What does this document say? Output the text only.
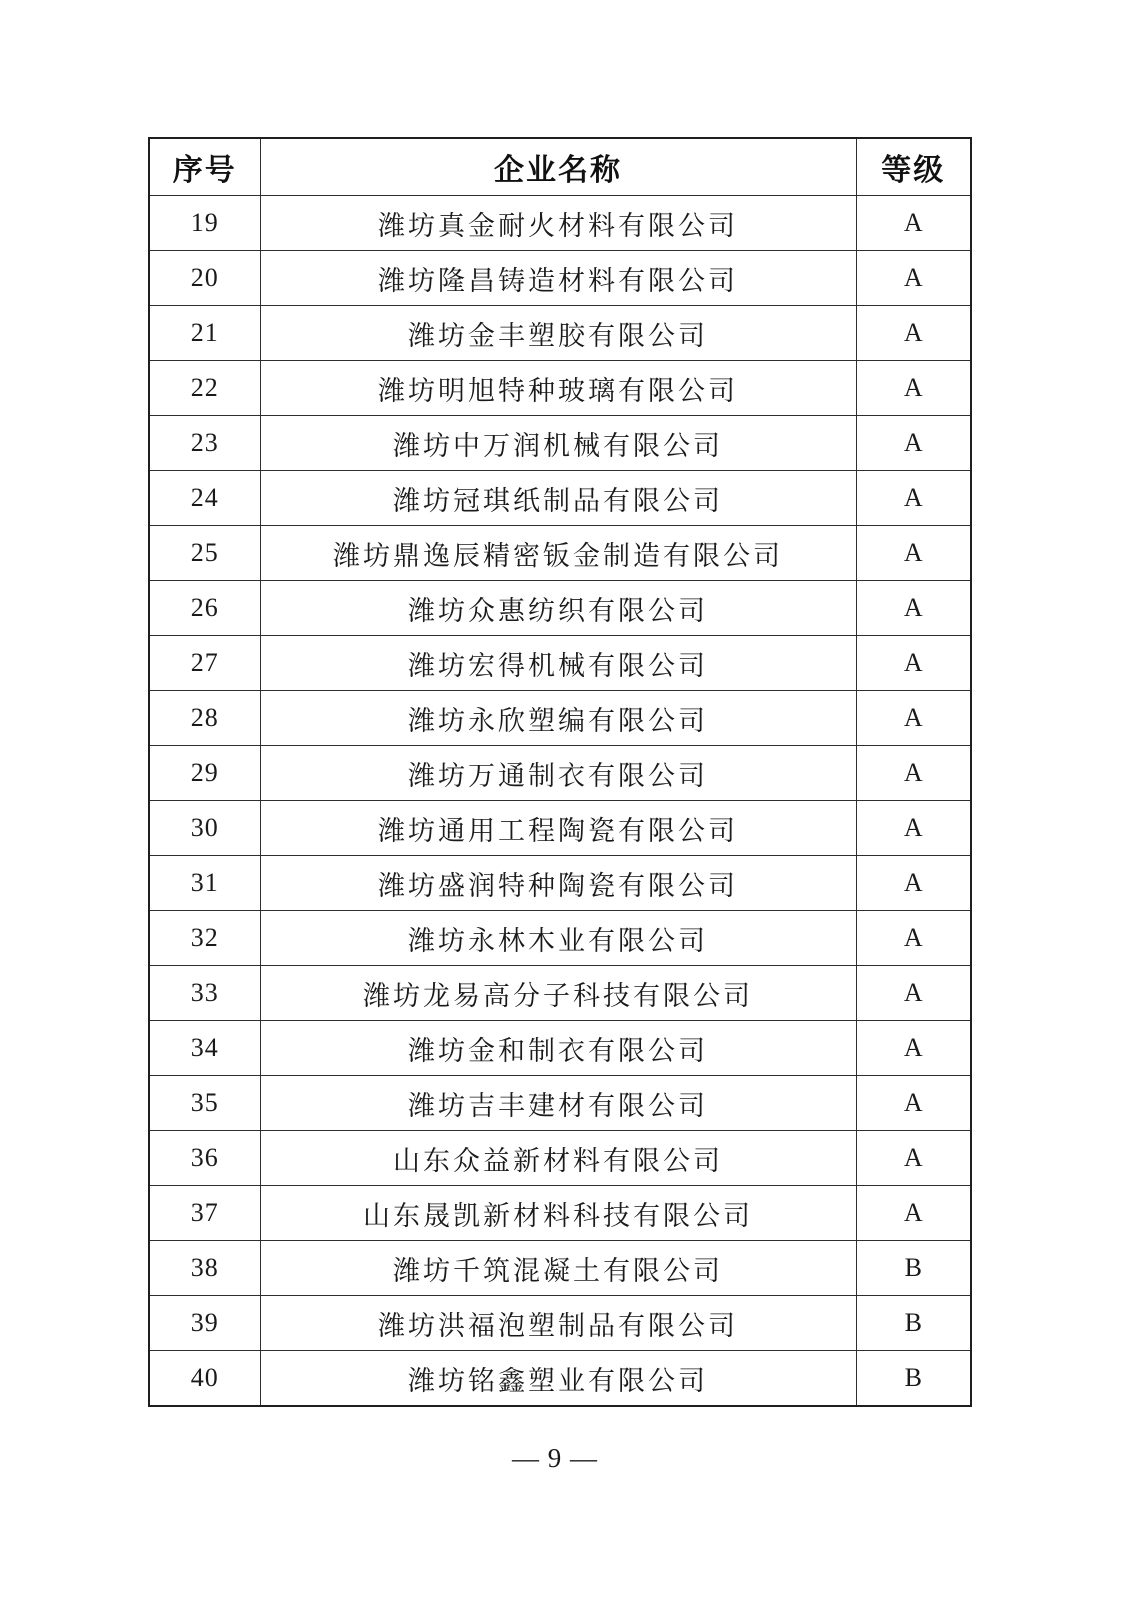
序号	企业名称	等级
19	潍坊真金耐火材料有限公司	A
20	潍坊隆昌铸造材料有限公司	A
21	潍坊金丰塑胶有限公司	A
22	潍坊明旭特种玻璃有限公司	A
23	潍坊中万润机械有限公司	A
24	潍坊冠琪纸制品有限公司	A
25	潍坊鼎逸辰精密钣金制造有限公司	A
26	潍坊众惠纺织有限公司	A
27	潍坊宏得机械有限公司	A
28	潍坊永欣塑编有限公司	A
29	潍坊万通制衣有限公司	A
30	潍坊通用工程陶瓷有限公司	A
31	潍坊盛润特种陶瓷有限公司	A
32	潍坊永林木业有限公司	A
33	潍坊龙易高分子科技有限公司	A
34	潍坊金和制衣有限公司	A
35	潍坊吉丰建材有限公司	A
36	山东众益新材料有限公司	A
37	山东晟凯新材料科技有限公司	A
38	潍坊千筑混凝土有限公司	B
39	潍坊洪福泡塑制品有限公司	B
40	潍坊铭鑫塑业有限公司	B
— 9 —
